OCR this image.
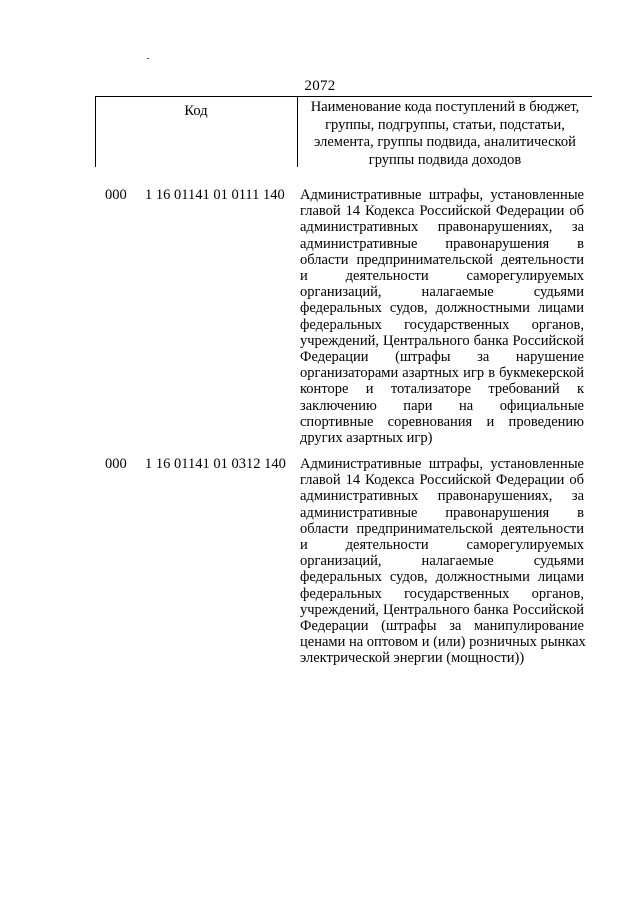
2072
Код	Наименование кода поступлений в бюджет,
группы, подгруппы, статьи, подстатьи,
элемента, группы подвида, аналитической
группы подвида доходов
000 1 16 01141 01 0111 140 Административные штрафы, установленные
главой 14 Кодекса Российской Федерации об
административных правонарушениях, за
административные правонарушения в
области предпринимательской деятельности
и деятельности саморегулируемых
организаций, налагаемые судьями
федеральных судов, должностными лицами
федеральных государственных органов,
учреждений, Центрального банка Российской
Федерации (штрафы за нарушение
организаторами азартных игр в букмекерской
конторе и тотализаторе требований к
заключению пари на официальные
спортивные соревнования и проведению
других азартных игр)
000 1 16 01141 01 0312 140 Административные штрафы, установленные
главой 14 Кодекса Российской Федерации об
административных правонарушениях, за
административные правонарушения в
области предпринимательской деятельности
и деятельности саморегулируемых
организаций, налагаемые судьями
федеральных судов, должностными лицами
федеральных государственных органов,
учреждений, Центрального банка Российской
Федерации (штрафы за манипулирование
ценами на оптовом и (или) розничных рынках
электрической энергии (мощности))
